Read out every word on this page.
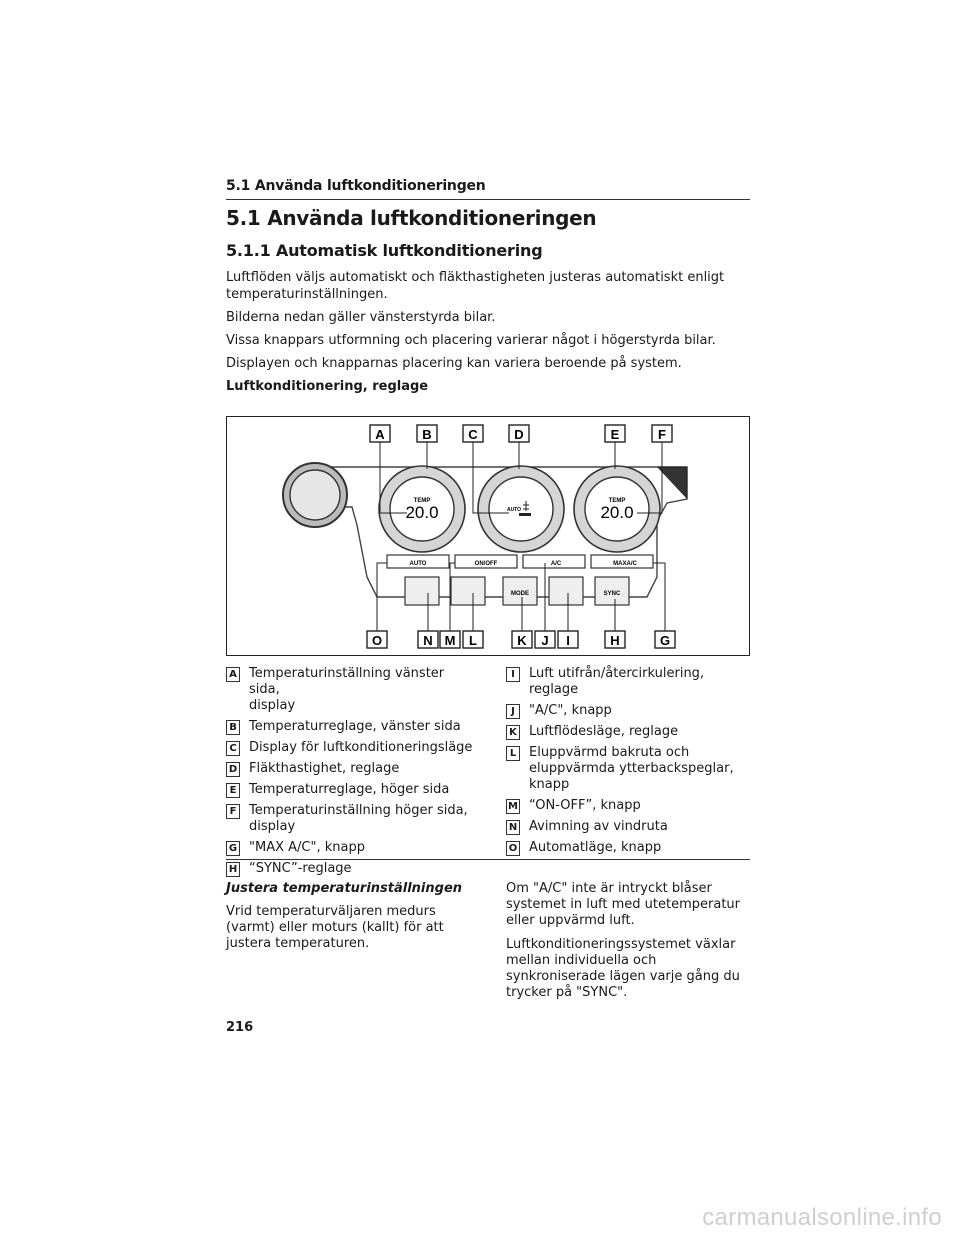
5.1 Använda luftkonditioneringen
5.1 Använda luftkonditioneringen
5.1.1 Automatisk luftkonditionering
Luftflöden väljs automatiskt och fläkthastigheten justeras automatiskt enligt temperaturinställningen.
Bilderna nedan gäller vänsterstyrda bilar.
Vissa knappars utformning och placering varierar något i högerstyrda bilar.
Displayen och knapparnas placering kan variera beroende på system.
Luftkonditionering, reglage
TEMP
20.0	AUTO
TEMP
20.0
AUTO	ON/OFF	A/C	MAXA/C
MODE	SYNC
A	B	C	D	E	F
O	N M L	K J I	H	G
A Temperaturinställning vänster sida,
display
B Temperaturreglage, vänster sida
C Display för luftkonditioneringsläge
D Fläkthastighet, reglage
E Temperaturreglage, höger sida
F Temperaturinställning höger sida,
display
G "MAX A/C", knapp
H “SYNC”-reglage
I	Luft utifrån/återcirkulering, reglage
J	"A/C", knapp
K Luftflödesläge, reglage
L Eluppvärmd bakruta och
eluppvärmda ytterbackspeglar, knapp
M “ON-OFF”, knapp
N Avimning av vindruta
O Automatläge, knapp
Justera temperaturinställningen

Vrid temperaturväljaren medurs (varmt) eller moturs (kallt) för att justera temperaturen.

Om "A/C" inte är intryckt blåser systemet in luft med utetemperatur eller uppvärmd luft.

Luftkonditioneringssystemet växlar mellan individuella och synkroniserade lägen varje gång du trycker på "SYNC".

216
carmanualsonline.info
